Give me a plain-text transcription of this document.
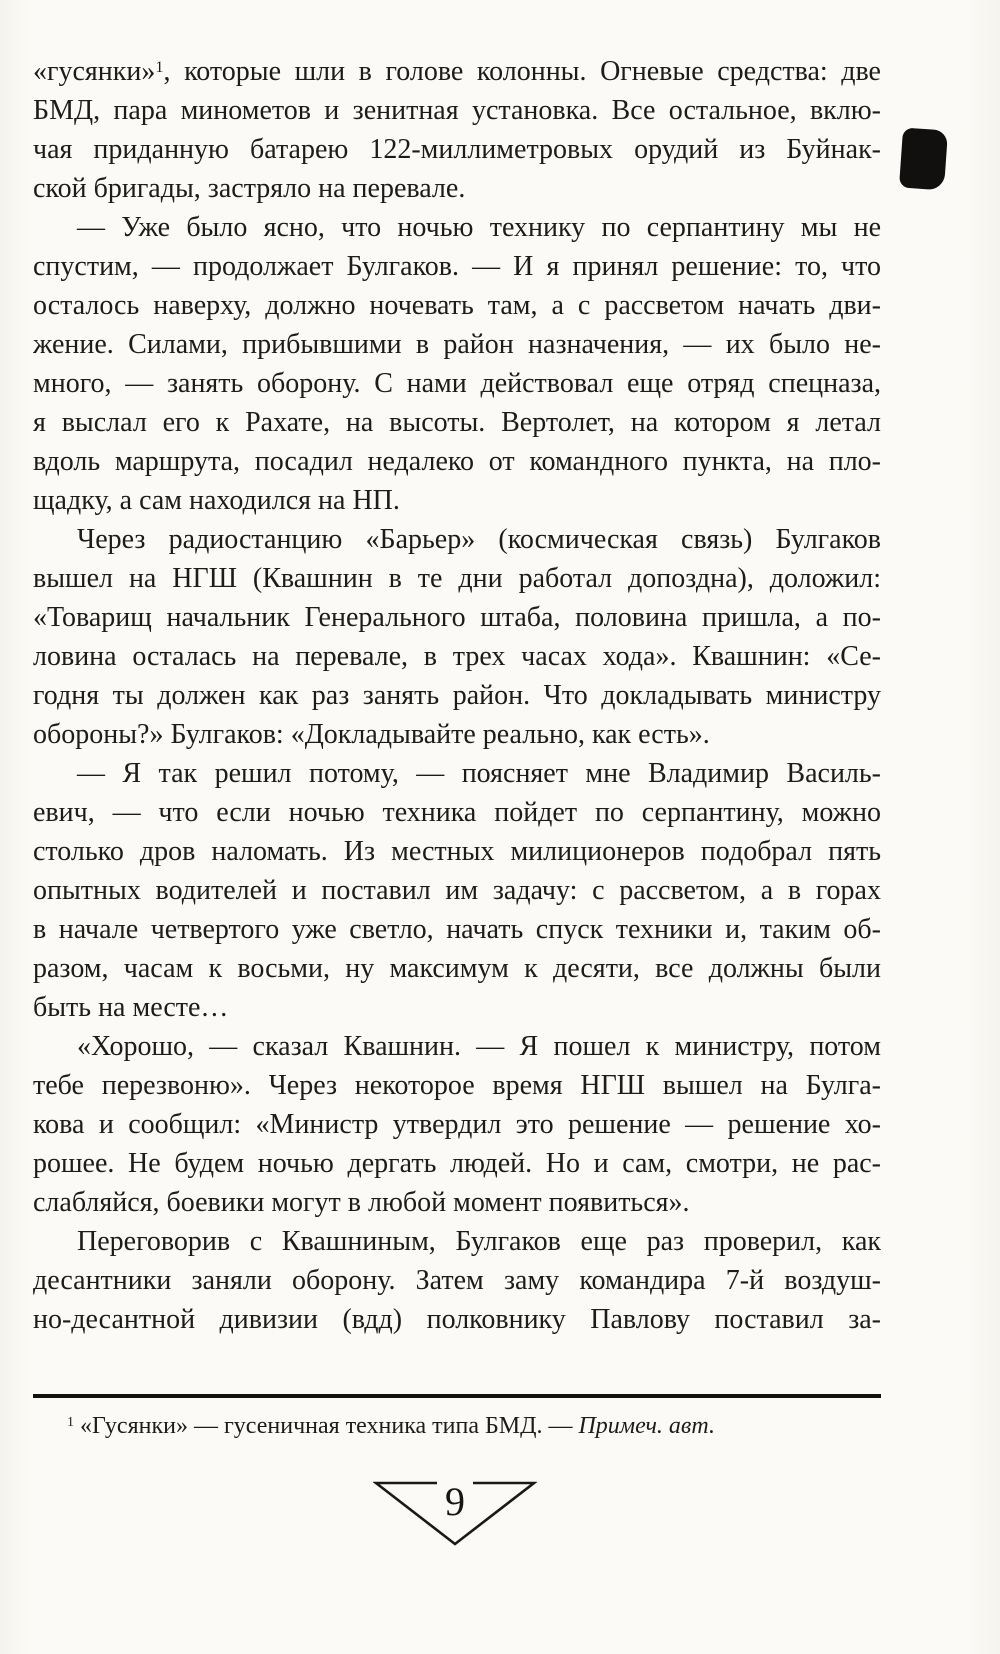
«гусянки»$^1$, которые шли в голове колонны. Огневые средства: две
БМД, пара минометов и зенитная установка. Все остальное, вклю-
чая приданную батарею 122-миллиметровых орудий из Буйнак-
ской бригады, застряло на перевале.
— Уже было ясно, что ночью технику по серпантину мы не
спустим, — продолжает Булгаков. — И я принял решение: то, что
осталось наверху, должно ночевать там, а с рассветом начать дви-
жение. Силами, прибывшими в район назначения, — их было не-
много, — занять оборону. С нами действовал еще отряд спецназа,
я выслал его к Рахате, на высоты. Вертолет, на котором я летал
вдоль маршрута, посадил недалеко от командного пункта, на пло-
щадку, а сам находился на НП.
Через радиостанцию «Барьер» (космическая связь) Булгаков
вышел на НГШ (Квашнин в те дни работал допоздна), доложил:
«Товарищ начальник Генерального штаба, половина пришла, а по-
ловина осталась на перевале, в трех часах хода». Квашнин: «Се-
годня ты должен как раз занять район. Что докладывать министру
обороны?» Булгаков: «Докладывайте реально, как есть».
— Я так решил потому, — поясняет мне Владимир Василь-
евич, — что если ночью техника пойдет по серпантину, можно
столько дров наломать. Из местных милиционеров подобрал пять
опытных водителей и поставил им задачу: с рассветом, а в горах
в начале четвертого уже светло, начать спуск техники и, таким об-
разом, часам к восьми, ну максимум к десяти, все должны были
быть на месте…
«Хорошо, — сказал Квашнин. — Я пошел к министру, потом
тебе перезвоню». Через некоторое время НГШ вышел на Булга-
кова и сообщил: «Министр утвердил это решение — решение хо-
рошее. Не будем ночью дергать людей. Но и сам, смотри, не рас-
слабляйся, боевики могут в любой момент появиться».
Переговорив с Квашниным, Булгаков еще раз проверил, как
десантники заняли оборону. Затем заму командира 7-й воздуш-
но-десантной дивизии (вдд) полковнику Павлову поставил за-
$^1$ «Гусянки» — гусеничная техника типа БМД. — Примеч. авт.
9
